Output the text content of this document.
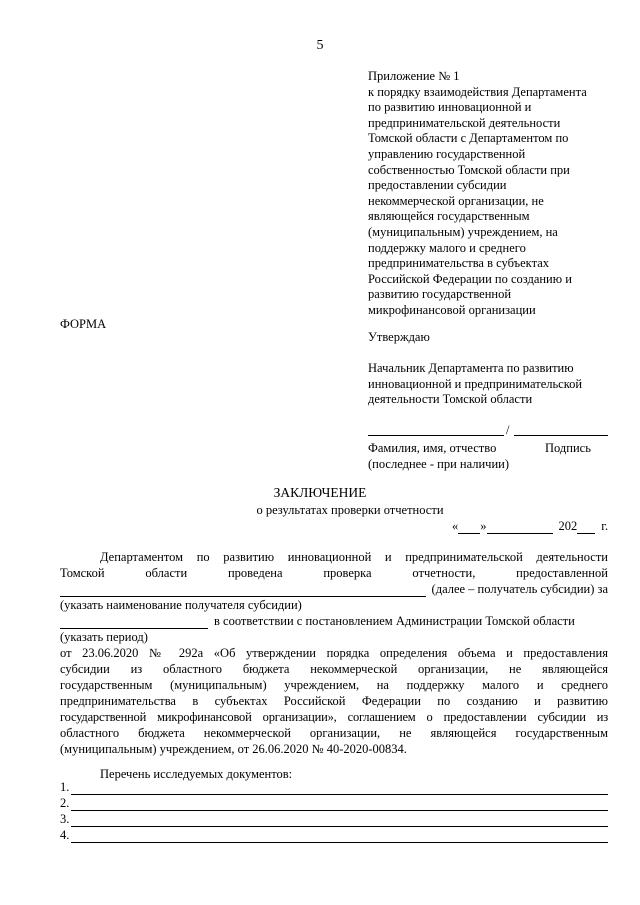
5
Приложение № 1
к порядку взаимодействия Департамента
по развитию инновационной и
предпринимательской деятельности
Томской области с Департаментом по
управлению государственной
собственностью Томской области при
предоставлении субсидии
некоммерческой организации, не
являющейся государственным
(муниципальным) учреждением, на
поддержку малого и среднего
предпринимательства в субъектах
Российской Федерации по созданию и
развитию государственной
микрофинансовой организации
ФОРМА
Утверждаю
Начальник Департамента по развитию
инновационной и предпринимательской
деятельности Томской области
/
Фамилия, имя, отчество	Подпись
(последнее - при наличии)
ЗАКЛЮЧЕНИЕ
о результатах проверки отчетности
« »	202 г.
Департаментом по развитию инновационной и предпринимательской деятельности
Томской	области	проведена	проверка	отчетности,	предоставленной
(далее – получатель субсидии) за
(указать наименование получателя субсидии)
в соответствии с постановлением Администрации Томской области
(указать период)
от 23.06.2020 № 292а «Об утверждении порядка определения объема и предоставления
субсидии из областного бюджета некоммерческой организации, не являющейся
государственным (муниципальным) учреждением, на поддержку малого и среднего
предпринимательства в субъектах Российской Федерации по созданию и развитию
государственной микрофинансовой организации», соглашением о предоставлении субсидии из
областного бюджета некоммерческой организации, не являющейся государственным
(муниципальным) учреждением, от 26.06.2020 № 40-2020-00834.
Перечень исследуемых документов:
1.
2.
3.
4.
